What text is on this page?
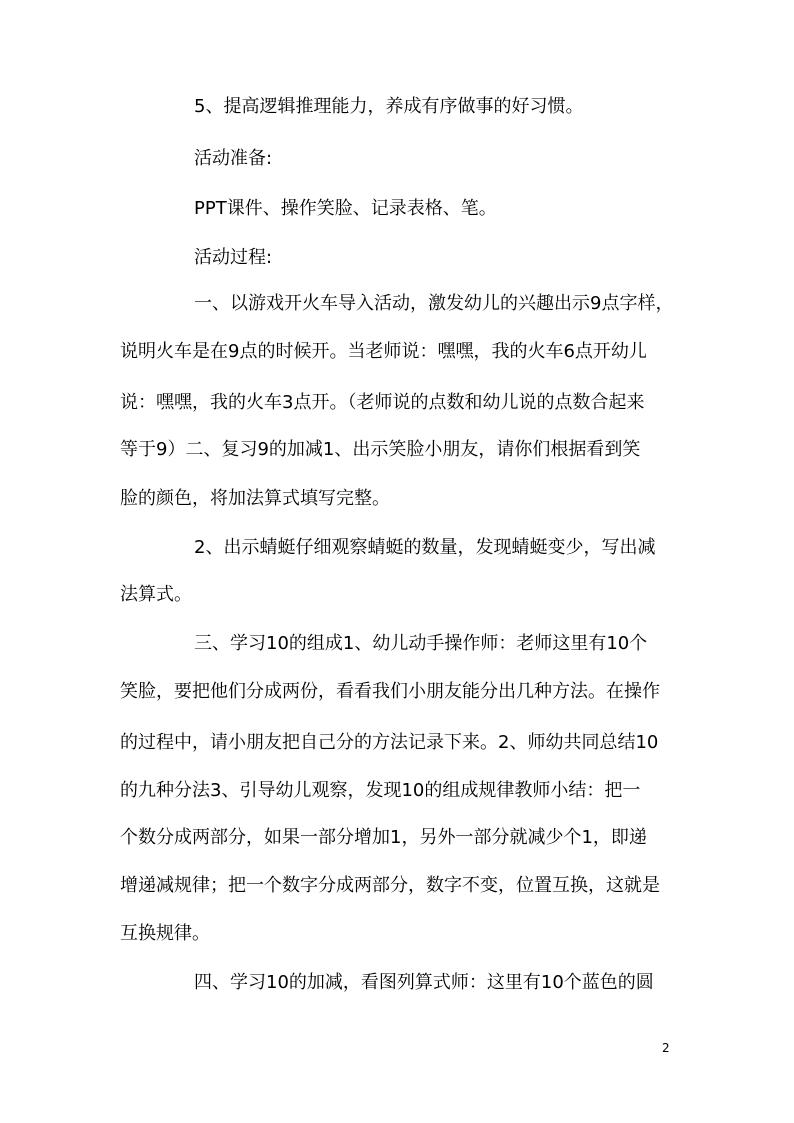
5、提高逻辑推理能力，养成有序做事的好习惯。
活动准备:
PPT课件、操作笑脸、记录表格、笔。
活动过程:
一、以游戏开火车导入活动，激发幼儿的兴趣出示9点字样，
说明火车是在9点的时候开。当老师说：嘿嘿，我的火车6点开幼儿
说：嘿嘿，我的火车3点开。（老师说的点数和幼儿说的点数合起来
等于9）二、复习9的加减1、出示笑脸小朋友，请你们根据看到笑
脸的颜色，将加法算式填写完整。
2、出示蜻蜓仔细观察蜻蜓的数量，发现蜻蜓变少，写出减
法算式。
三、学习10的组成1、幼儿动手操作师：老师这里有10个
笑脸，要把他们分成两份，看看我们小朋友能分出几种方法。在操作
的过程中，请小朋友把自己分的方法记录下来。2、师幼共同总结10
的九种分法3、引导幼儿观察，发现10的组成规律教师小结：把一
个数分成两部分，如果一部分增加1，另外一部分就减少个1，即递
增递减规律；把一个数字分成两部分，数字不变，位置互换，这就是
互换规律。
四、学习10的加减，看图列算式师：这里有10个蓝色的圆
2
